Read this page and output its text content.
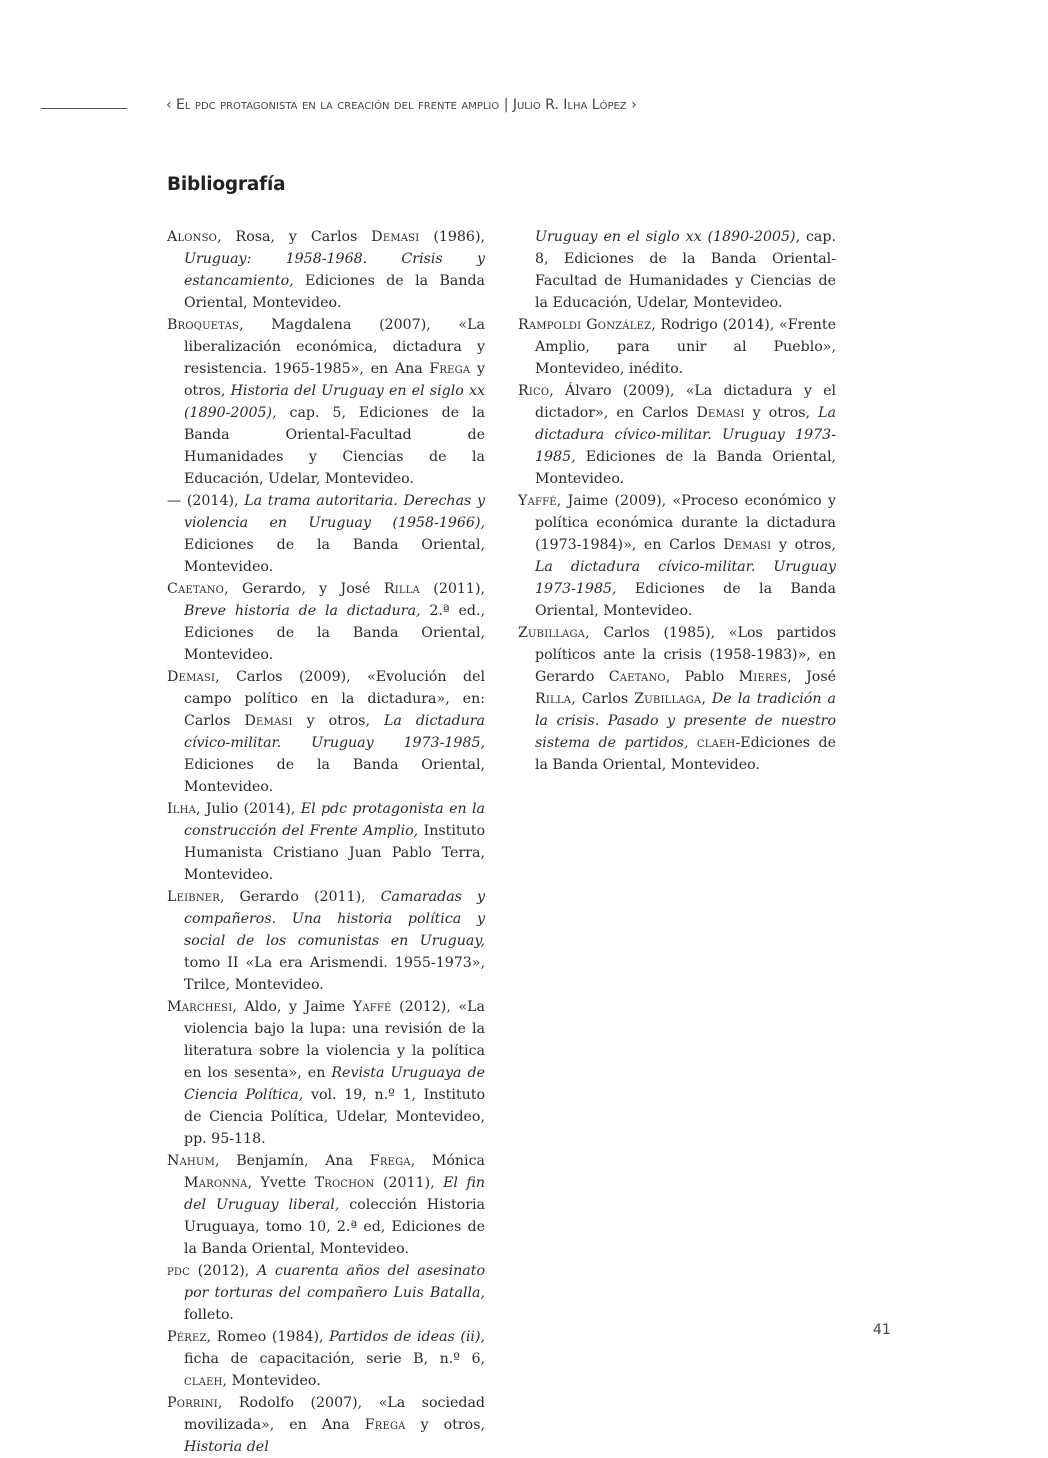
‹ El pdc protagonista en la creación del frente amplio | Julio R. Ilha López ›
Bibliografía

Alonso, Rosa, y Carlos Demasi (1986), Uruguay: 1958-1968. Crisis y estancamiento, Ediciones de la Banda Oriental, Montevideo.

Broquetas, Magdalena (2007), «La liberalización económica, dictadura y resistencia. 1965-1985», en Ana Frega y otros, Historia del Uruguay en el siglo xx (1890-2005), cap. 5, Ediciones de la Banda Oriental-Facultad de Humanidades y Ciencias de la Educación, Udelar, Montevideo.

— (2014), La trama autoritaria. Derechas y violencia en Uruguay (1958-1966), Ediciones de la Banda Oriental, Montevideo.

Caetano, Gerardo, y José Rilla (2011), Breve historia de la dictadura, 2.ª ed., Ediciones de la Banda Oriental, Montevideo.

Demasi, Carlos (2009), «Evolución del campo político en la dictadura», en: Carlos Demasi y otros, La dictadura cívico-militar. Uruguay 1973-1985, Ediciones de la Banda Oriental, Montevideo.

Ilha, Julio (2014), El pdc protagonista en la construcción del Frente Amplio, Instituto Humanista Cristiano Juan Pablo Terra, Montevideo.

Leibner, Gerardo (2011), Camaradas y compañeros. Una historia política y social de los comunistas en Uruguay, tomo II «La era Arismendi. 1955-1973», Trilce, Montevideo.

Marchesi, Aldo, y Jaime Yaffé (2012), «La violencia bajo la lupa: una revisión de la literatura sobre la violencia y la política en los sesenta», en Revista Uruguaya de Ciencia Política, vol. 19, n.º 1, Instituto de Ciencia Política, Udelar, Montevideo, pp. 95-118.

Nahum, Benjamín, Ana Frega, Mónica Maronna, Yvette Trochon (2011), El fin del Uruguay liberal, colección Historia Uruguaya, tomo 10, 2.ª ed, Ediciones de la Banda Oriental, Montevideo.

pdc (2012), A cuarenta años del asesinato por torturas del compañero Luis Batalla, folleto.

Pérez, Romeo (1984), Partidos de ideas (ii), ficha de capacitación, serie B, n.º 6, claeh, Montevideo.

Porrini, Rodolfo (2007), «La sociedad movilizada», en Ana Frega y otros, Historia del

Uruguay en el siglo xx (1890-2005), cap. 8, Ediciones de la Banda Oriental-Facultad de Humanidades y Ciencias de la Educación, Udelar, Montevideo.

Rampoldi González, Rodrigo (2014), «Frente Amplio, para unir al Pueblo», Montevideo, inédito.

Rico, Álvaro (2009), «La dictadura y el dictador», en Carlos Demasi y otros, La dictadura cívico-militar. Uruguay 1973-1985, Ediciones de la Banda Oriental, Montevideo.

Yaffé, Jaime (2009), «Proceso económico y política económica durante la dictadura (1973-1984)», en Carlos Demasi y otros, La dictadura cívico-militar. Uruguay 1973-1985, Ediciones de la Banda Oriental, Montevideo.

Zubillaga, Carlos (1985), «Los partidos políticos ante la crisis (1958-1983)», en Gerardo Caetano, Pablo Mieres, José Rilla, Carlos Zubillaga, De la tradición a la crisis. Pasado y presente de nuestro sistema de partidos, claeh-Ediciones de la Banda Oriental, Montevideo.

41
